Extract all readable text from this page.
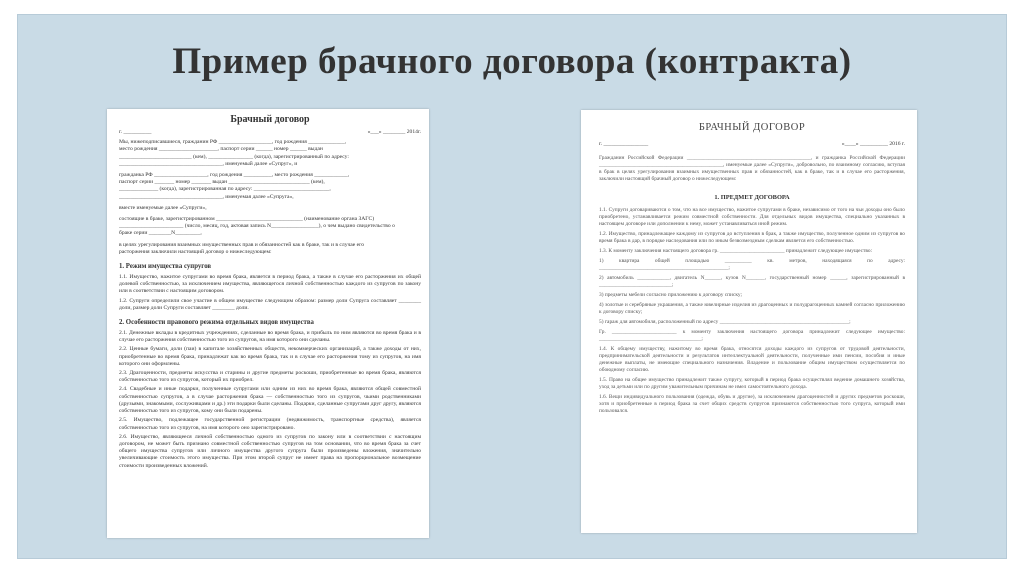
Пример брачного договора (контракта)
Брачный договор
г. __________	«___» ________ 2014г.
Мы, нижеподписавшиеся, гражданин РФ ___________________, год рождения _____________,
место рождения _____________________, паспорт серии ______ номер ______ выдан
__________________________ (кем), ________________ (когда), зарегистрированный по адресу:
_____________________________________, именуемый далее «Супруг», и
гражданка РФ ___________________, год рождения __________, место рождения ____________,
паспорт серии _______ номер _______ выдан _____________________________ (кем),
______________ (когда), зарегистрированная по адресу: ___________________________,
_____________________________________, именуемая далее «Супруга»,
вместе именуемые далее «Супруги»,
состоящие в браке, зарегистрированном _______________________________ (наименование органа ЗАГС)
_______________________ (число, месяц, год, актовая запись N_________________), о чем выдано свидетельство о
браке серии ________N_________,
в целях урегулирования взаимных имущественных прав и обязанностей как в браке, так и в случае его
расторжения заключили настоящий договор о нижеследующем:
1. Режим имущества супругов
1.1. Имущество, нажитое супругами во время брака, является в период брака, а также в случае его расторжения их общей долевой собственностью, за исключением имущества, являющегося личной собственностью каждого из супругов по закону или в соответствии с настоящим договором.
1.2. Супруги определили свое участие в общем имуществе следующим образом: размер доли Супруга составляет ________ доли, размер доли Супруги составляет ________ доли.
2. Особенности правового режима отдельных видов имущества
2.1. Денежные вклады в кредитных учреждениях, сделанные во время брака, и прибыль по ним являются во время брака и в случае его расторжения собственностью того из супругов, на имя которого они сделаны.
2.2. Ценные бумаги, доли (паи) в капитале хозяйственных обществ, некоммерческих организаций, а также доходы от них, приобретенные во время брака, принадлежат как во время брака, так и в случае его расторжения тому из супругов, на имя которого они оформлены.
2.3. Драгоценности, предметы искусства и старины и другие предметы роскоши, приобретенные во время брака, являются собственностью того из супругов, который их приобрел.
2.4. Свадебные и иные подарки, полученные супругами или одним из них во время брака, являются общей совместной собственностью супругов, а в случае расторжения брака — собственностью того из супругов, чьими родственниками (друзьями, знакомыми, сослуживцами и др.) эти подарки были сделаны. Подарки, сделанные супругами друг другу, являются собственностью того из супругов, кому они были подарены.
2.5. Имущество, подлежащее государственной регистрации (недвижимость, транспортные средства), является собственностью того из супругов, на имя которого оно зарегистрировано.
2.6. Имущество, являющееся личной собственностью одного из супругов по закону или в соответствии с настоящим договором, не может быть признано совместной собственностью супругов на том основании, что во время брака за счет общего имущества супругов или личного имущества другого супруга были произведены вложения, значительно увеличивающие стоимость этого имущества. При этом второй супруг не имеет права на пропорциональное возмещение стоимости произведенных вложений.
БРАЧНЫЙ ДОГОВОР
г. ________________	«____» __________ 2016 г.
Гражданин Российской Федерации ______________________________________________, и гражданка Российской Федерации ______________________________________________, именуемые далее «Супруги», добровольно, по взаимному согласию, вступая в брак в целях урегулирования взаимных имущественных прав и обязанностей, как в браке, так и в случае его расторжения, заключили настоящий брачный договор о нижеследующем:
1. ПРЕДМЕТ ДОГОВОРА
1.1. Супруги договариваются о том, что на все имущество, нажитое супругами в браке, независимо от того на чьи доходы оно было приобретено, устанавливается режим совместной собственности. Для отдельных видов имущества, специально указанных в настоящем договоре или дополнении к нему, может устанавливаться иной режим.
1.2. Имущество, принадлежащее каждому из супругов до вступления в брак, а также имущество, полученное одним из супругов во время брака в дар, в порядке наследования или по иным безвозмездным сделкам является его собственностью.
1.3. К моменту заключения настоящего договора гр. ________________________ принадлежит следующее имущество:
1) квартира общей площадью __________ кв. метров, находящаяся по адресу: ________________________________________________;
2) автомобиль ____________, двигатель N______, кузов N_______, государственный номер ______, зарегистрированный в ___________________________;
3) предметы мебели согласно приложению к договору списку;
4) золотые и серебряные украшения, а также ювелирные изделия из драгоценных и полудрагоценных камней согласно приложению к договору списку;
5) гараж для автомобиля, расположенный по адресу ________________________________________________;
Гр. ________________________ к моменту заключения настоящего договора принадлежит следующее имущество: ______________________________________;
1.4. К общему имуществу, нажитому во время брака, относятся доходы каждого из супругов от трудовой деятельности, предпринимательской деятельности и результатов интеллектуальной деятельности, полученные ими пенсии, пособия и иные денежные выплаты, не имеющие специального назначения. Владение и пользование общим имуществом осуществляется по обоюдному согласию.
1.5. Право на общее имущество принадлежит также супругу, который в период брака осуществлял ведение домашнего хозяйства, уход за детьми или по другим уважительным причинам не имел самостоятельного дохода.
1.6. Вещи индивидуального пользования (одежда, обувь и другие), за исключением драгоценностей и других предметов роскоши, хотя и приобретенные в период брака за счет общих средств супругов признаются собственностью того супруга, который ими пользовался.
